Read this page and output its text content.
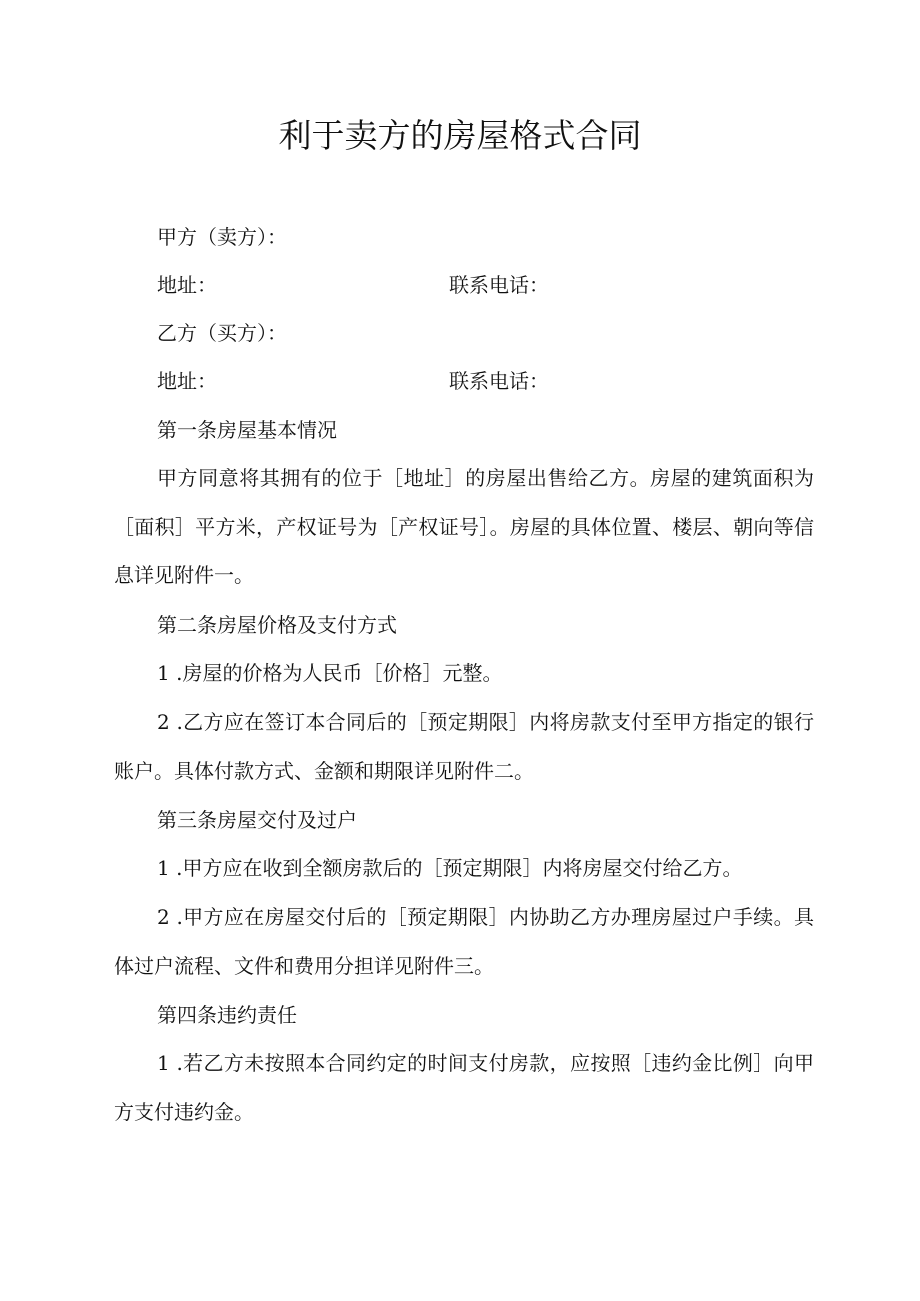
利于卖方的房屋格式合同
甲方（卖方）：
地址：	联系电话：
乙方（买方）：
地址：	联系电话：
第一条房屋基本情况

甲方同意将其拥有的位于［地址］的房屋出售给乙方。房屋的建筑面积为［面积］平方米，产权证号为［产权证号］。房屋的具体位置、楼层、朝向等信息详见附件一。

第二条房屋价格及支付方式

1 .房屋的价格为人民币［价格］元整。

2 .乙方应在签订本合同后的［预定期限］内将房款支付至甲方指定的银行账户。具体付款方式、金额和期限详见附件二。

第三条房屋交付及过户

1 .甲方应在收到全额房款后的［预定期限］内将房屋交付给乙方。

2 .甲方应在房屋交付后的［预定期限］内协助乙方办理房屋过户手续。具体过户流程、文件和费用分担详见附件三。

第四条违约责任

1 .若乙方未按照本合同约定的时间支付房款，应按照［违约金比例］向甲方支付违约金。
